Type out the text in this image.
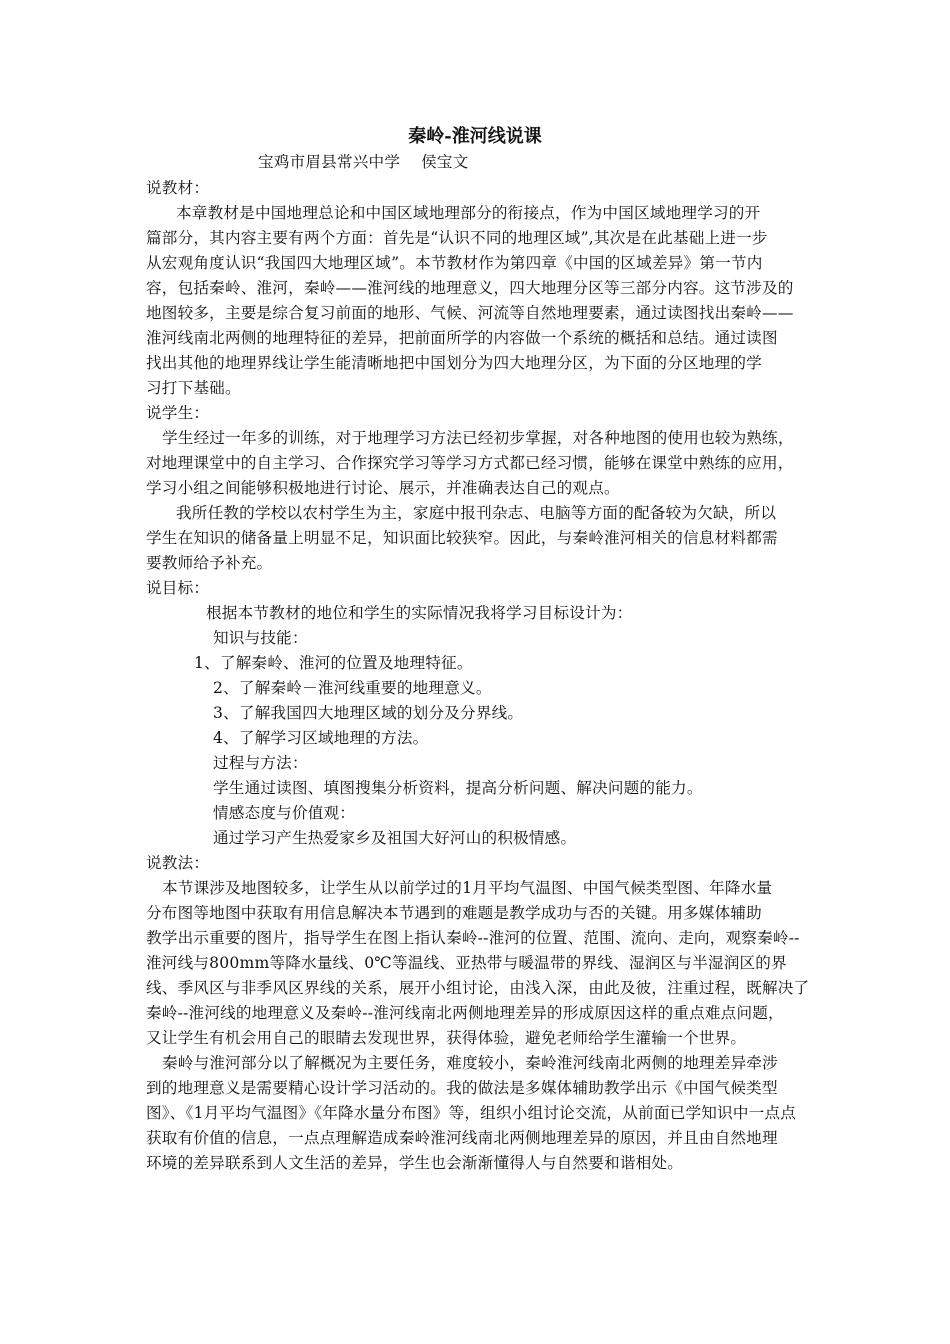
秦岭-淮河线说课
宝鸡市眉县常兴中学　 侯宝文
说教材：
本章教材是中国地理总论和中国区域地理部分的衔接点，作为中国区域地理学习的开
篇部分，其内容主要有两个方面：首先是“认识不同的地理区域”,其次是在此基础上进一步
从宏观角度认识“我国四大地理区域”。本节教材作为第四章《中国的区域差异》第一节内
容，包括秦岭、淮河，秦岭——淮河线的地理意义，四大地理分区等三部分内容。这节涉及的
地图较多，主要是综合复习前面的地形、气候、河流等自然地理要素，通过读图找出秦岭——
淮河线南北两侧的地理特征的差异，把前面所学的内容做一个系统的概括和总结。通过读图
找出其他的地理界线让学生能清晰地把中国划分为四大地理分区，为下面的分区地理的学
习打下基础。
说学生：
学生经过一年多的训练，对于地理学习方法已经初步掌握，对各种地图的使用也较为熟练，
对地理课堂中的自主学习、合作探究学习等学习方式都已经习惯，能够在课堂中熟练的应用，
学习小组之间能够积极地进行讨论、展示，并准确表达自己的观点。
我所任教的学校以农村学生为主，家庭中报刊杂志、电脑等方面的配备较为欠缺，所以
学生在知识的储备量上明显不足，知识面比较狭窄。因此，与秦岭淮河相关的信息材料都需
要教师给予补充。
说目标：
根据本节教材的地位和学生的实际情况我将学习目标设计为：
知识与技能：
1、了解秦岭、淮河的位置及地理特征。
2、了解秦岭－淮河线重要的地理意义。
3、了解我国四大地理区域的划分及分界线。
4、了解学习区域地理的方法。
过程与方法：
学生通过读图、填图搜集分析资料，提高分析问题、解决问题的能力。
情感态度与价值观：
通过学习产生热爱家乡及祖国大好河山的积极情感。
说教法：
本节课涉及地图较多，让学生从以前学过的1月平均气温图、中国气候类型图、年降水量
分布图等地图中获取有用信息解决本节遇到的难题是教学成功与否的关键。用多媒体辅助
教学出示重要的图片，指导学生在图上指认秦岭--淮河的位置、范围、流向、走向，观察秦岭--
淮河线与800mm等降水量线、0℃等温线、亚热带与暖温带的界线、湿润区与半湿润区的界
线、季风区与非季风区界线的关系，展开小组讨论，由浅入深，由此及彼，注重过程，既解决了
秦岭--淮河线的地理意义及秦岭--淮河线南北两侧地理差异的形成原因这样的重点难点问题，
又让学生有机会用自己的眼睛去发现世界，获得体验，避免老师给学生灌输一个世界。
秦岭与淮河部分以了解概况为主要任务，难度较小，秦岭淮河线南北两侧的地理差异牵涉
到的地理意义是需要精心设计学习活动的。我的做法是多媒体辅助教学出示《中国气候类型
图》、《1月平均气温图》《年降水量分布图》等，组织小组讨论交流，从前面已学知识中一点点
获取有价值的信息，一点点理解造成秦岭淮河线南北两侧地理差异的原因，并且由自然地理
环境的差异联系到人文生活的差异，学生也会渐渐懂得人与自然要和谐相处。
